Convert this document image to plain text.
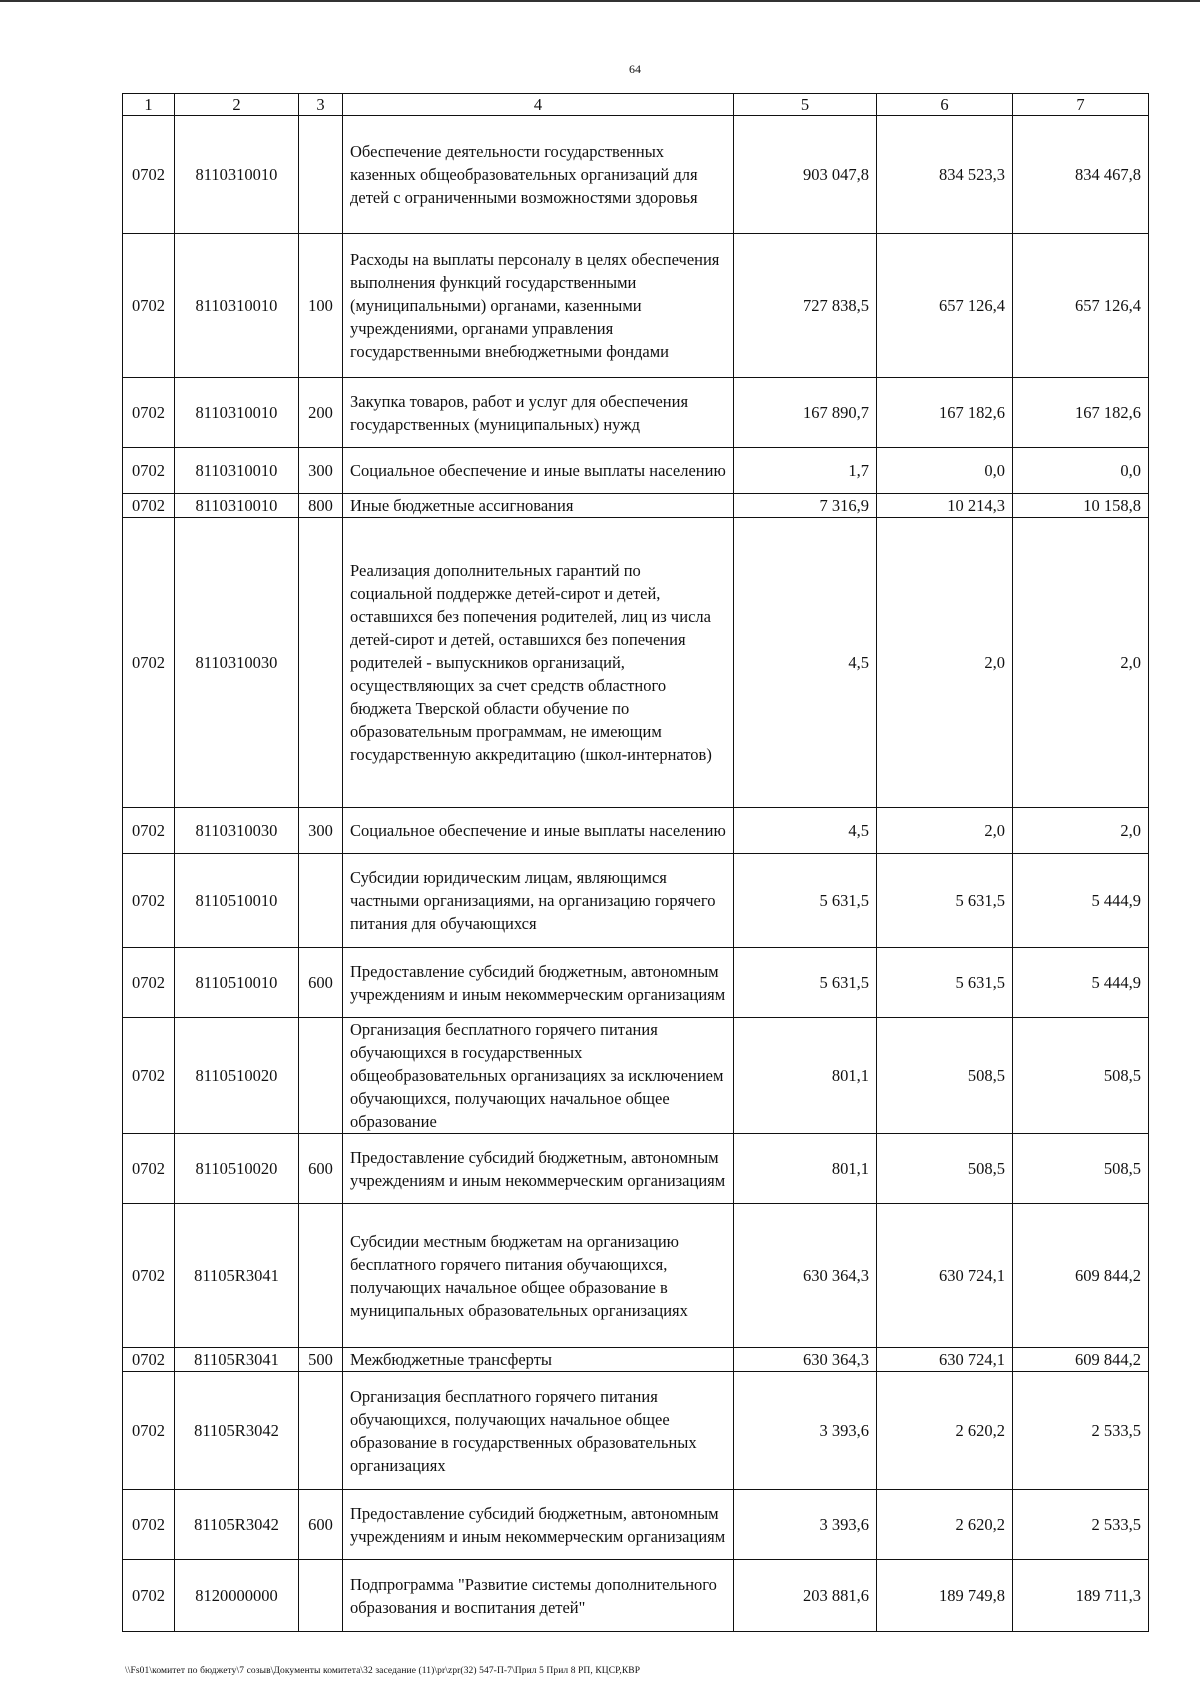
64
1	2	3	4	5	6	7
0702	8110310010		Обеспечение деятельности государственных казенных общеобразовательных организаций для детей с ограниченными возможностями здоровья	903 047,8	834 523,3	834 467,8
0702	8110310010	100	Расходы на выплаты персоналу в целях обеспечения выполнения функций государственными (муниципальными) органами, казенными учреждениями, органами управления государственными внебюджетными фондами	727 838,5	657 126,4	657 126,4
0702	8110310010	200	Закупка товаров, работ и услуг для обеспечения государственных (муниципальных) нужд	167 890,7	167 182,6	167 182,6
0702	8110310010	300	Социальное обеспечение и иные выплаты населению	1,7	0,0	0,0
0702	8110310010	800	Иные бюджетные ассигнования	7 316,9	10 214,3	10 158,8
0702	8110310030		Реализация дополнительных гарантий по социальной поддержке детей-сирот и детей, оставшихся без попечения родителей, лиц из числа детей-сирот и детей, оставшихся без попечения родителей - выпускников организаций, осуществляющих за счет средств областного бюджета Тверской области обучение по образовательным программам, не имеющим государственную аккредитацию (школ-интернатов)	4,5	2,0	2,0
0702	8110310030	300	Социальное обеспечение и иные выплаты населению	4,5	2,0	2,0
0702	8110510010		Субсидии юридическим лицам, являющимся частными организациями, на организацию горячего питания для обучающихся	5 631,5	5 631,5	5 444,9
0702	8110510010	600	Предоставление субсидий бюджетным, автономным учреждениям и иным некоммерческим организациям	5 631,5	5 631,5	5 444,9
0702	8110510020		Организация бесплатного горячего питания обучающихся в государственных общеобразовательных организациях за исключением обучающихся, получающих начальное общее образование	801,1	508,5	508,5
0702	8110510020	600	Предоставление субсидий бюджетным, автономным учреждениям и иным некоммерческим организациям	801,1	508,5	508,5
0702	81105R3041		Субсидии местным бюджетам на организацию бесплатного горячего питания обучающихся, получающих начальное общее образование в муниципальных образовательных организациях	630 364,3	630 724,1	609 844,2
0702	81105R3041	500	Межбюджетные трансферты	630 364,3	630 724,1	609 844,2
0702	81105R3042		Организация бесплатного горячего питания обучающихся, получающих начальное общее образование в государственных образовательных организациях	3 393,6	2 620,2	2 533,5
0702	81105R3042	600	Предоставление субсидий бюджетным, автономным учреждениям и иным некоммерческим организациям	3 393,6	2 620,2	2 533,5
0702	8120000000		Подпрограмма "Развитие системы дополнительного образования и воспитания детей"	203 881,6	189 749,8	189 711,3
\\Fs01\комитет по бюджету\7 созыв\Документы комитета\32 заседание (11)\pr\zpr(32) 547-П-7\Прил 5 Прил 8 РП, КЦСР,КВР
